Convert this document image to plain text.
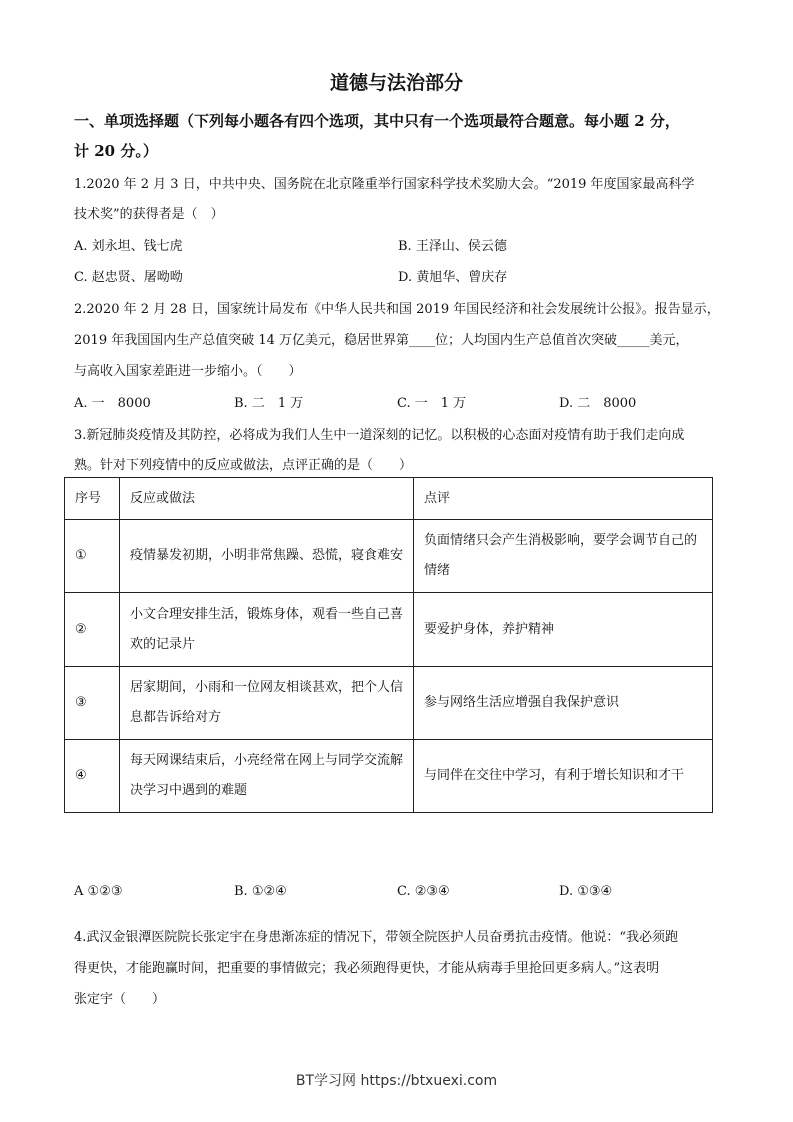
道德与法治部分
一、单项选择题（下列每小题各有四个选项，其中只有一个选项最符合题意。每小题 2 分，
计 20 分。）
1.2020 年 2 月 3 日，中共中央、国务院在北京隆重举行国家科学技术奖励大会。“2019 年度国家最高科学
技术奖”的获得者是（　）
A. 刘永坦、钱七虎	B. 王泽山、侯云德
C. 赵忠贤、屠呦呦	D. 黄旭华、曾庆存
2.2020 年 2 月 28 日，国家统计局发布《中华人民共和国 2019 年国民经济和社会发展统计公报》。报告显示，
2019 年我国国内生产总值突破 14 万亿美元，稳居世界第____位；人均国内生产总值首次突破_____美元，
与高收入国家差距进一步缩小。（　　）
A. 一　8000	B. 二　1 万	C. 一　1 万	D. 二　8000
3.新冠肺炎疫情及其防控，必将成为我们人生中一道深刻的记忆。以积极的心态面对疫情有助于我们走向成
熟。针对下列疫情中的反应或做法，点评正确的是（　　）
序号	反应或做法	点评
①	疫情暴发初期，小明非常焦躁、恐慌，寝食难安	负面情绪只会产生消极影响，要学会调节自己的情绪
②	小文合理安排生活，锻炼身体，观看一些自己喜欢的记录片	要爱护身体，养护精神
③	居家期间，小雨和一位网友相谈甚欢，把个人信息都告诉给对方	参与网络生活应增强自我保护意识
④	每天网课结束后，小亮经常在网上与同学交流解决学习中遇到的难题	与同伴在交往中学习，有利于增长知识和才干
A ①②③	B. ①②④	C. ②③④	D. ①③④
4.武汉金银潭医院院长张定宇在身患渐冻症的情况下，带领全院医护人员奋勇抗击疫情。他说：“我必须跑
得更快，才能跑赢时间，把重要的事情做完；我必须跑得更快，才能从病毒手里抢回更多病人。”这表明
张定宇（　　）
BT学习网 https://btxuexi.com
